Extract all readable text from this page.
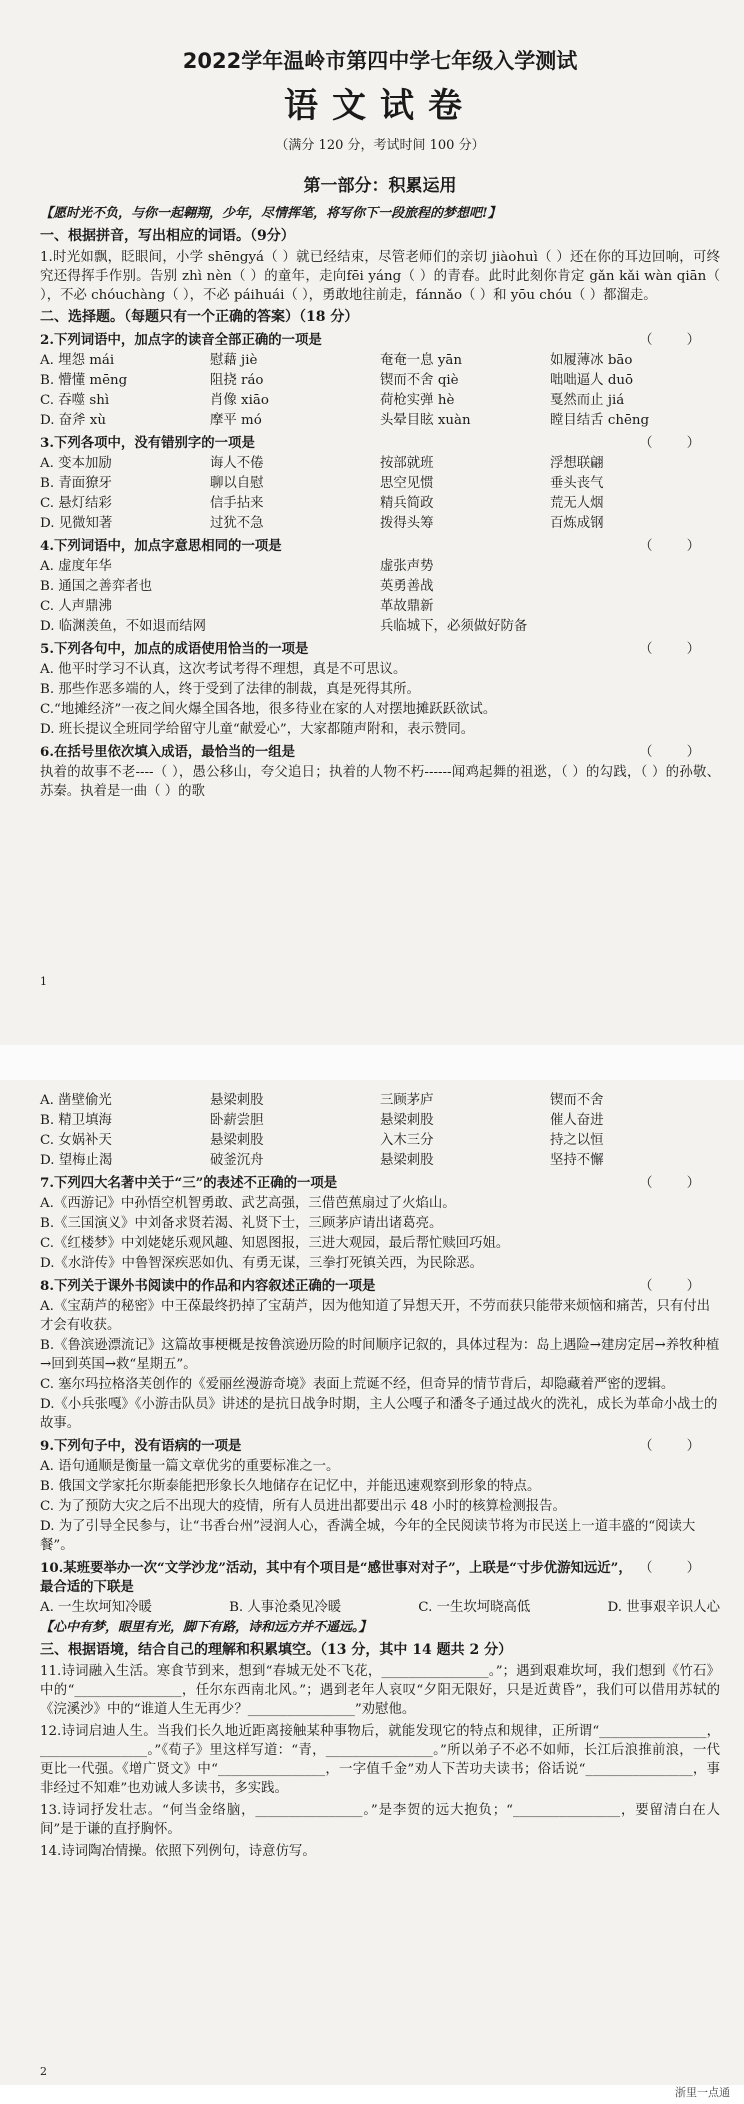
2022学年温岭市第四中学七年级入学测试
语文试卷
（满分 120 分，考试时间 100 分）
第一部分：积累运用
【愿时光不负，与你一起翱翔，少年，尽情挥笔，将写你下一段旅程的梦想吧!】
一、根据拼音，写出相应的词语。（9分）
1.时光如飘，眨眼间，小学 shēngyá（ ）就已经结束，尽管老师们的亲切 jiàohuì（ ）还在你的耳边回响，可终究还得挥手作别。告别 zhì nèn（ ）的童年，走向fēi yáng（ ）的青春。此时此刻你肯定 gǎn kǎi wàn qiān（ ），不必 chóuchàng（ ），不必 páihuái（ ），勇敢地往前走，fánnǎo（ ）和 yōu chóu（ ）都溜走。
二、选择题。（每题只有一个正确的答案）（18 分）
2.下列词语中，加点字的读音全部正确的一项是	（        ）
A. 埋怨 mái	慰藉 jiè	奄奄一息 yān	如履薄冰 bāo
B. 懵懂 mēng	阻挠 ráo	锲而不舍 qiè	咄咄逼人 duō
C. 吞噬 shì	肖像 xiāo	荷枪实弹 hè	戛然而止 jiá
D. 奋斧 xù	摩平 mó	头晕目眩 xuàn	瞠目结舌 chēng
3.下列各项中，没有错别字的一项是	（        ）
A. 变本加励	诲人不倦	按部就班	浮想联翩
B. 青面獠牙	聊以自慰	思空见惯	垂头丧气
C. 悬灯结彩	信手拈来	精兵简政	荒无人烟
D. 见微知著	过犹不急	拨得头筹	百炼成钢
4.下列词语中，加点字意思相同的一项是	（        ）
A. 虚度年华	虚张声势
B. 通国之善弈者也	英勇善战
C. 人声鼎沸	革故鼎新
D. 临渊羡鱼，不如退而结网	兵临城下，必须做好防备
5.下列各句中，加点的成语使用恰当的一项是	（        ）
A. 他平时学习不认真，这次考试考得不理想，真是不可思议。
B. 那些作恶多端的人，终于受到了法律的制裁，真是死得其所。
C.“地摊经济”一夜之间火爆全国各地，很多待业在家的人对摆地摊跃跃欲试。
D. 班长提议全班同学给留守儿童“献爱心”，大家都随声附和，表示赞同。
6.在括号里依次填入成语，最恰当的一组是	（        ）
执着的故事不老----（ ），愚公移山，夸父追日；执着的人物不朽------闻鸡起舞的祖逖，（ ）的勾践，（ ）的孙敬、苏秦。执着是一曲（ ）的歌
1
A. 凿壁偷光	悬梁刺股	三顾茅庐	锲而不舍
B. 精卫填海	卧薪尝胆	悬梁刺股	催人奋进
C. 女娲补天	悬梁刺股	入木三分	持之以恒
D. 望梅止渴	破釜沉舟	悬梁刺股	坚持不懈
7.下列四大名著中关于“三”的表述不正确的一项是	（        ）
A.《西游记》中孙悟空机智勇敢、武艺高强，三借芭蕉扇过了火焰山。
B.《三国演义》中刘备求贤若渴、礼贤下士，三顾茅庐请出诸葛亮。
C.《红楼梦》中刘姥姥乐观风趣、知恩图报，三进大观园，最后帮忙赎回巧姐。
D.《水浒传》中鲁智深疾恶如仇、有勇无谋，三拳打死镇关西，为民除恶。
8.下列关于课外书阅读中的作品和内容叙述正确的一项是	（        ）
A.《宝葫芦的秘密》中王葆最终扔掉了宝葫芦，因为他知道了异想天开，不劳而获只能带来烦恼和痛苦，只有付出才会有收获。
B.《鲁滨逊漂流记》这篇故事梗概是按鲁滨逊历险的时间顺序记叙的，具体过程为：岛上遇险→建房定居→养牧种植→回到英国→救“星期五”。
C. 塞尔玛拉格洛芙创作的《爱丽丝漫游奇境》表面上荒诞不经，但奇异的情节背后，却隐藏着严密的逻辑。
D.《小兵张嘎》《小游击队员》讲述的是抗日战争时期，主人公嘎子和潘冬子通过战火的洗礼，成长为革命小战士的故事。
9.下列句子中，没有语病的一项是	（        ）
A. 语句通顺是衡量一篇文章优劣的重要标准之一。
B. 俄国文学家托尔斯泰能把形象长久地储存在记忆中，并能迅速观察到形象的特点。
C. 为了预防大灾之后不出现大的疫情，所有人员进出都要出示 48 小时的核算检测报告。
D. 为了引导全民参与，让“书香台州”浸润人心，香满全城，今年的全民阅读节将为市民送上一道丰盛的“阅读大餐”。
10.某班要举办一次“文学沙龙”活动，其中有个项目是“感世事对对子”，上联是“寸步优游知远近”，最合适的下联是
（        ）
A. 一生坎坷知冷暖	B. 人事沧桑见冷暖	C. 一生坎坷晓高低	D. 世事艰辛识人心
【心中有梦，眼里有光，脚下有路，诗和远方并不遥远。】
三、根据语境，结合自己的理解和积累填空。（13 分，其中 14 题共 2 分）
11.诗词融入生活。寒食节到来，想到“春城无处不飞花，________________。”；遇到艰难坎坷，我们想到《竹石》中的“________________，任尔东西南北风。”；遇到老年人哀叹“夕阳无限好，只是近黄昏”，我们可以借用苏轼的《浣溪沙》中的“谁道人生无再少？________________”劝慰他。
12.诗词启迪人生。当我们长久地近距离接触某种事物后，就能发现它的特点和规律，正所谓“________________，________________。”《荀子》里这样写道：“青，________________。”所以弟子不必不如师，长江后浪推前浪，一代更比一代强。《增广贤文》中“________________，一字值千金”劝人下苦功夫读书；俗话说“________________，事非经过不知难”也劝诫人多读书，多实践。
13.诗词抒发壮志。“何当金络脑，________________。”是李贺的远大抱负；“________________，要留清白在人间”是于谦的直抒胸怀。
14.诗词陶冶情操。依照下列例句，诗意仿写。
2
浙里一点通
